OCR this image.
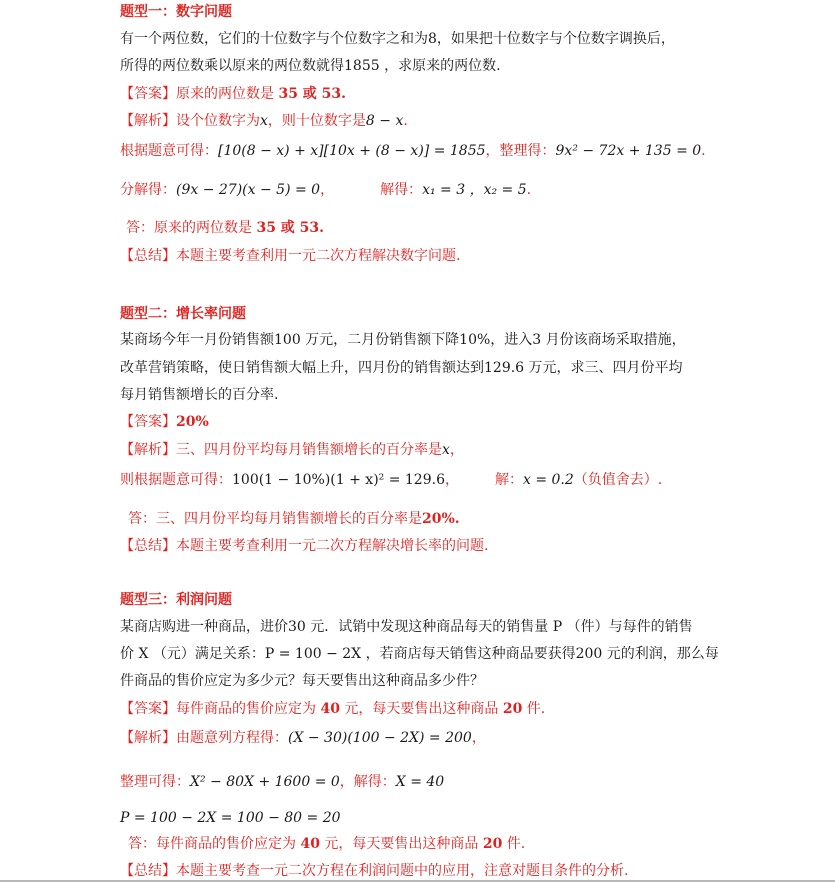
题型一：数字问题
有一个两位数，它们的十位数字与个位数字之和为8，如果把十位数字与个位数字调换后，
所得的两位数乘以原来的两位数就得1855 ，求原来的两位数.
【答案】原来的两位数是 35 或 53.
【解析】设个位数字为x，则十位数字是8 − x.
根据题意可得：[10(8 − x) + x][10x + (8 − x)] = 1855，整理得：9x² − 72x + 135 = 0.
分解得：(9x − 27)(x − 5) = 0，	解得：x₁ = 3 ，x₂ = 5.
答：原来的两位数是 35 或 53.
【总结】本题主要考查利用一元二次方程解决数字问题.
题型二：增长率问题
某商场今年一月份销售额100 万元，二月份销售额下降10%，进入3 月份该商场采取措施，
改革营销策略，使日销售额大幅上升，四月份的销售额达到129.6 万元，求三、四月份平均
每月销售额增长的百分率.
【答案】20%
【解析】三、四月份平均每月销售额增长的百分率是x，
则根据题意可得：100(1 − 10%)(1 + x)² = 129.6，	解：x = 0.2（负值舍去）.
答：三、四月份平均每月销售额增长的百分率是20%.
【总结】本题主要考查利用一元二次方程解决增长率的问题.
题型三：利润问题
某商店购进一种商品，进价30 元．试销中发现这种商品每天的销售量 P （件）与每件的销售
价 X （元）满足关系：P = 100 − 2X ，若商店每天销售这种商品要获得200 元的利润，那么每
件商品的售价应定为多少元？每天要售出这种商品多少件？
【答案】每件商品的售价应定为 40 元，每天要售出这种商品 20 件.
【解析】由题意列方程得：(X − 30)(100 − 2X) = 200，
整理可得：X² − 80X + 1600 = 0，解得：X = 40
P = 100 − 2X = 100 − 80 = 20
答：每件商品的售价应定为 40 元，每天要售出这种商品 20 件.
【总结】本题主要考查一元二次方程在利润问题中的应用，注意对题目条件的分析.
